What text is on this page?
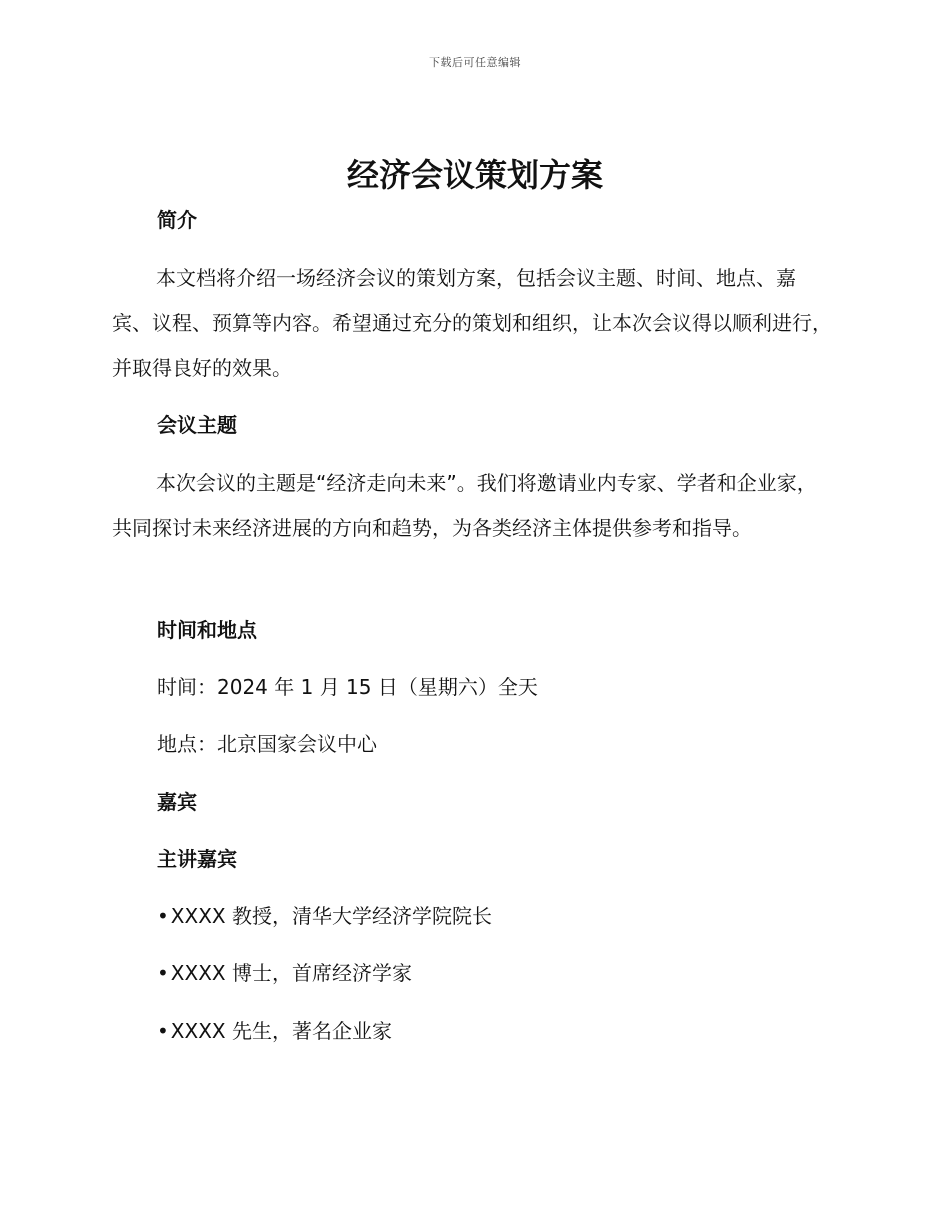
下载后可任意编辑
经济会议策划方案

简介

本文档将介绍一场经济会议的策划方案，包括会议主题、时间、地点、嘉宾、议程、预算等内容。希望通过充分的策划和组织，让本次会议得以顺利进行，并取得良好的效果。

会议主题

本次会议的主题是“经济走向未来”。我们将邀请业内专家、学者和企业家，共同探讨未来经济进展的方向和趋势，为各类经济主体提供参考和指导。

时间和地点

时间：2024 年 1 月 15 日（星期六）全天

地点：北京国家会议中心

嘉宾

主讲嘉宾

• XXXX 教授，清华大学经济学院院长

• XXXX 博士，首席经济学家

• XXXX 先生，著名企业家
